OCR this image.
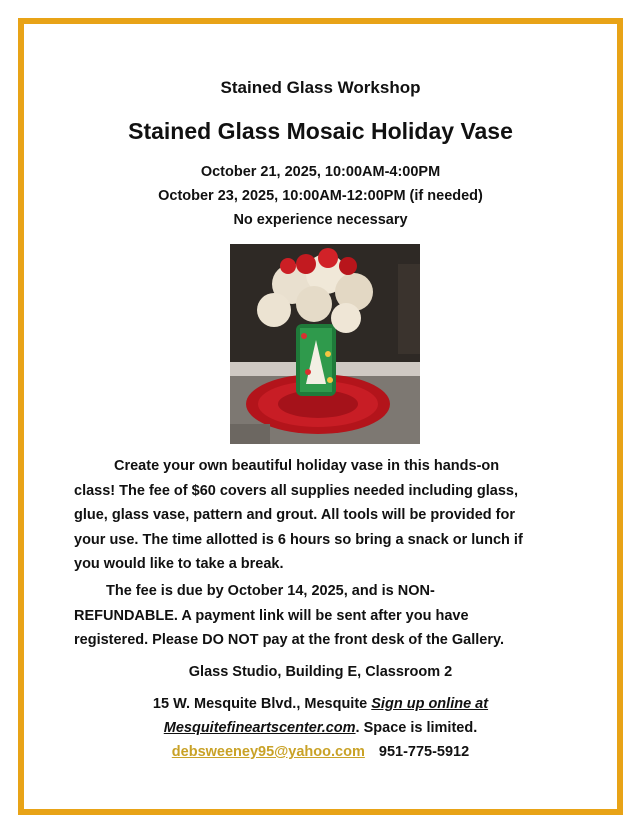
Stained Glass Workshop
Stained Glass Mosaic Holiday Vase
October 21, 2025, 10:00AM-4:00PM
October 23, 2025, 10:00AM-12:00PM (if needed)
No experience necessary

Create your own beautiful holiday vase in this hands-on

class! The fee of $60 covers all supplies needed including glass,

glue, glass vase, pattern and grout. All tools will be provided for

your use. The time allotted is 6 hours so bring a snack or lunch if

you would like to take a break.

The fee is due by October 14, 2025, and is NON-

REFUNDABLE. A payment link will be sent after you have

registered. Please DO NOT pay at the front desk of the Gallery.

Glass Studio, Building E, Classroom 2
15 W. Mesquite Blvd., Mesquite Sign up online at
Mesquitefineartscenter.com. Space is limited.
debsweeney95@yahoo.com 951-775-5912
